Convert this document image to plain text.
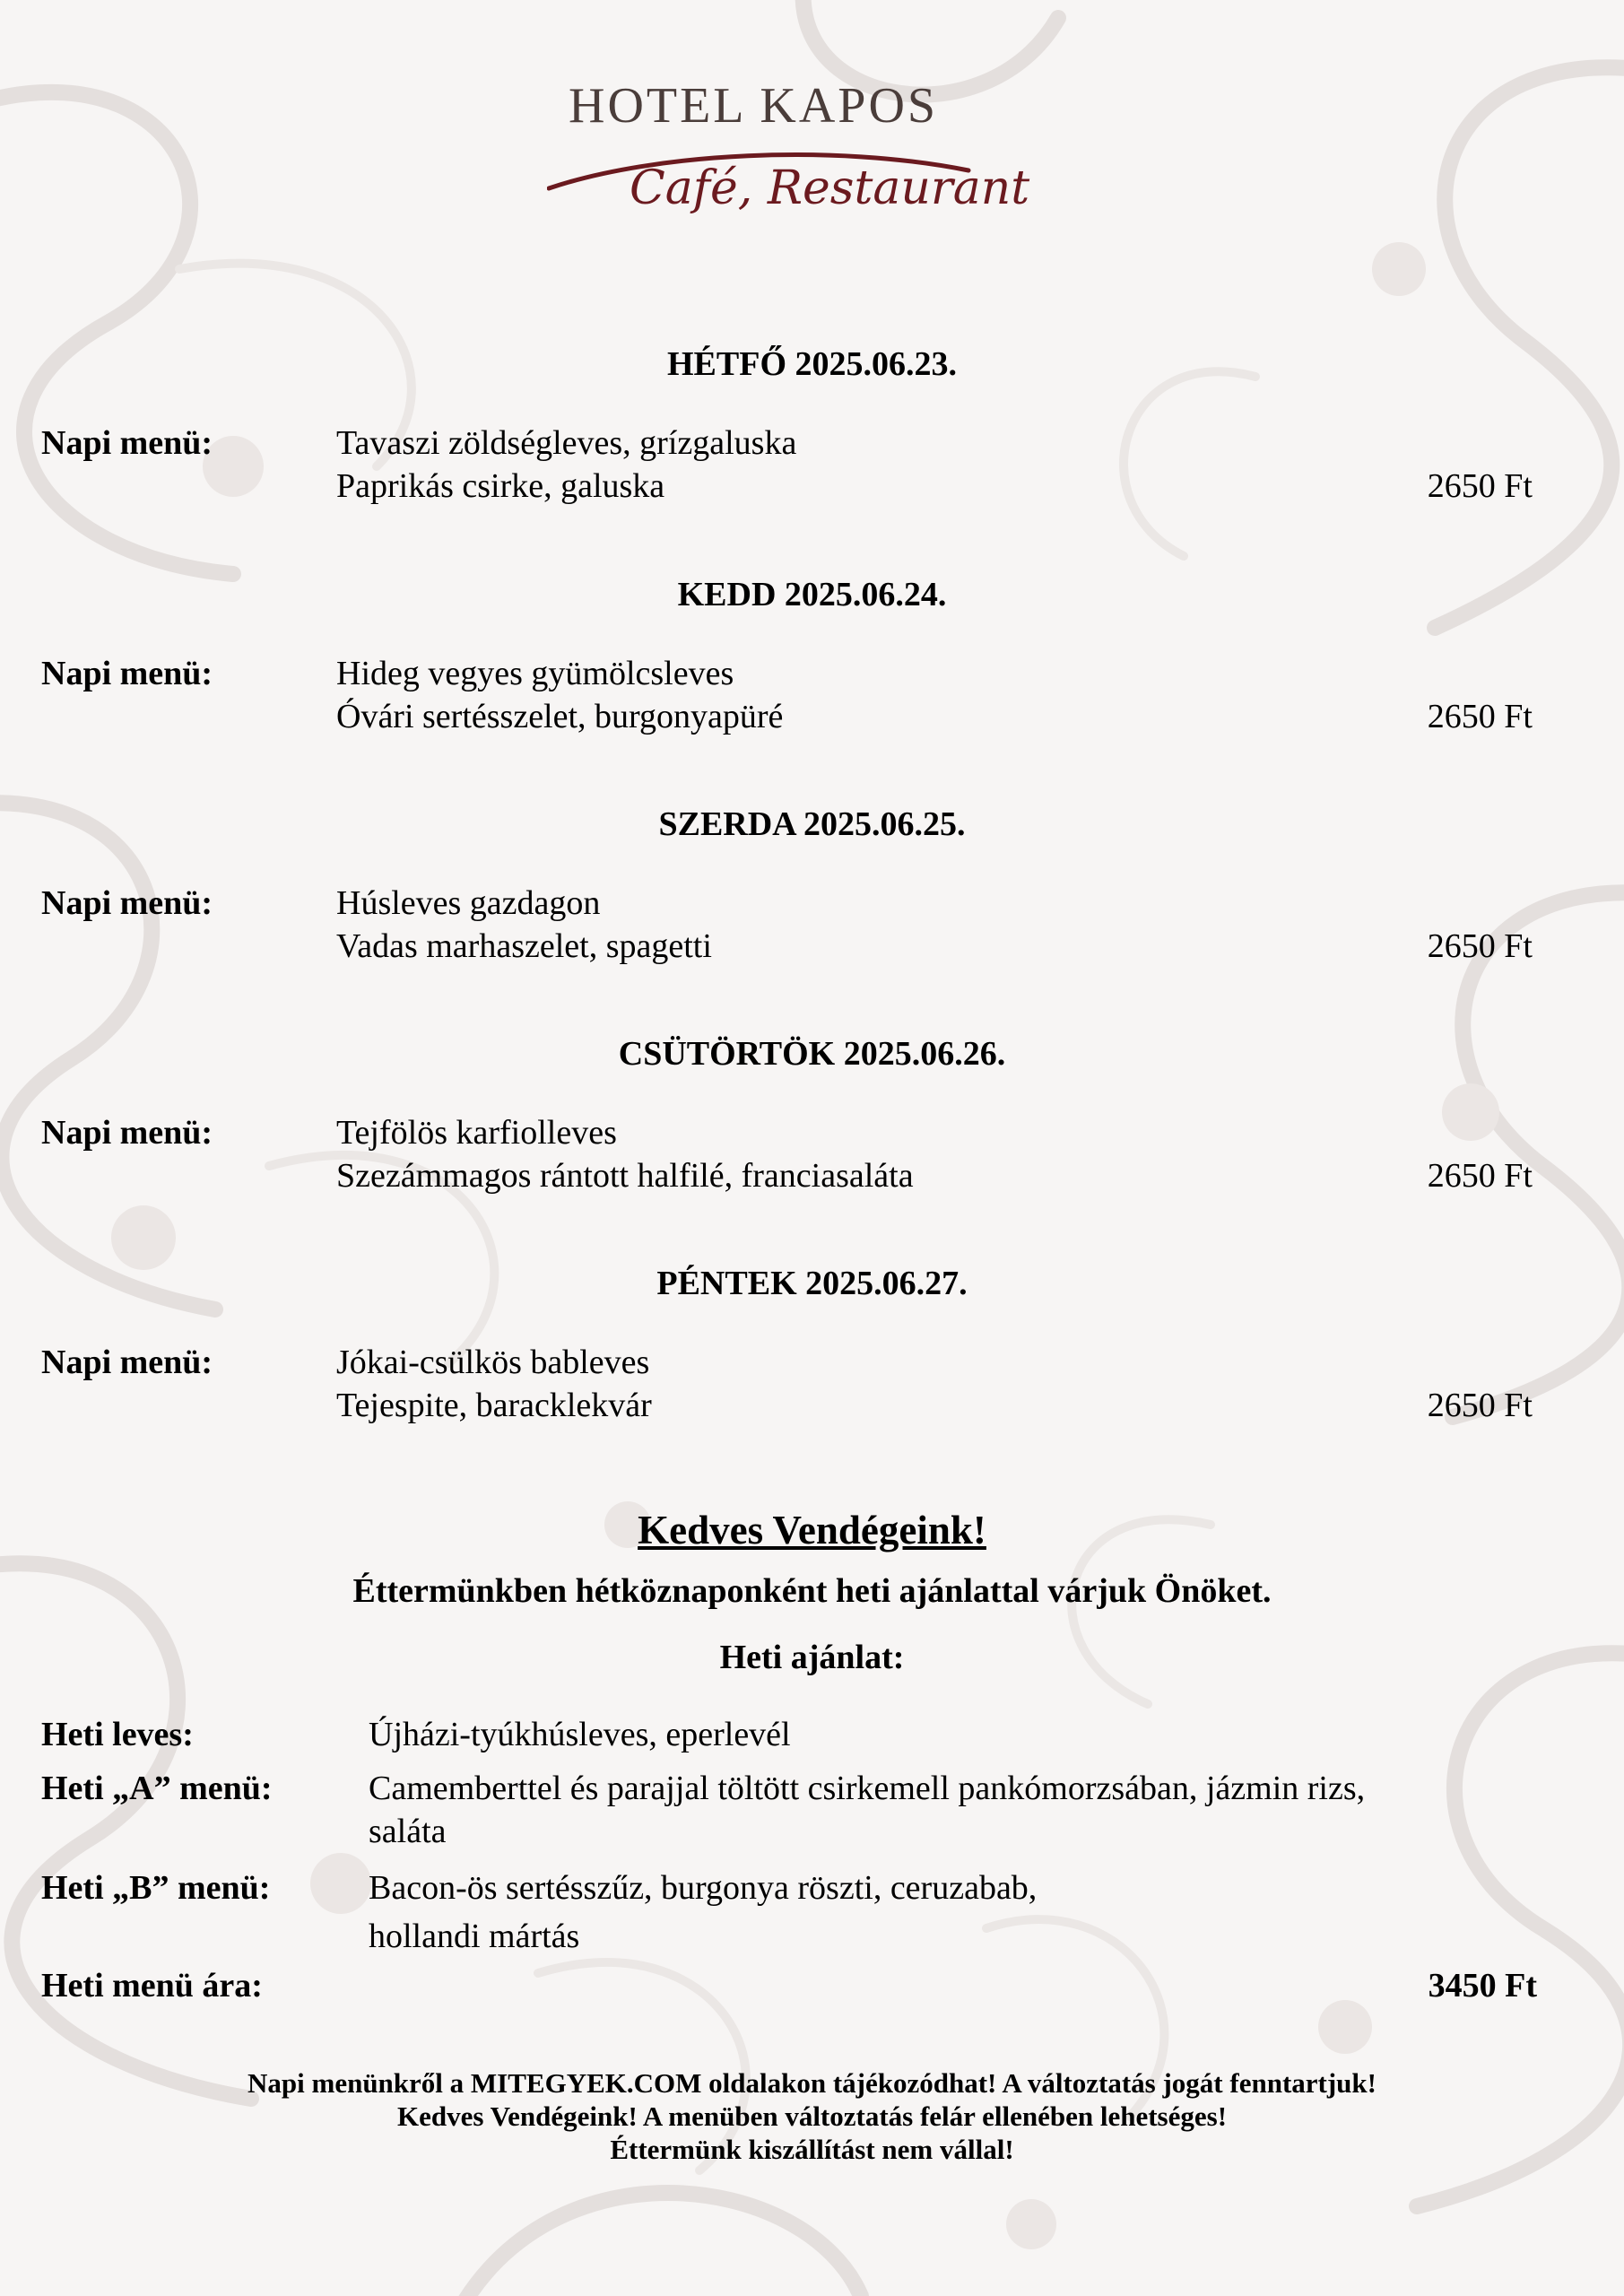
HOTEL KAPOS
Café, Restaurant
HÉTFŐ 2025.06.23.
Napi menü:	Tavaszi zöldségleves, grízgaluska
Paprikás csirke, galuska	2650 Ft
KEDD 2025.06.24.
Napi menü:	Hideg vegyes gyümölcsleves
Óvári sertésszelet, burgonyapüré	2650 Ft
SZERDA 2025.06.25.
Napi menü:	Húsleves gazdagon
Vadas marhaszelet, spagetti	2650 Ft
CSÜTÖRTÖK 2025.06.26.
Napi menü:	Tejfölös karfiolleves
Szezámmagos rántott halfilé, franciasaláta	2650 Ft
PÉNTEK 2025.06.27.
Napi menü:	Jókai-csülkös bableves
Tejespite, baracklekvár	2650 Ft
Kedves Vendégeink!
Éttermünkben hétköznaponként heti ajánlattal várjuk Önöket.
Heti ajánlat:
Heti leves:	Újházi-tyúkhúsleves, eperlevél
Heti „A” menü:	Camemberttel és parajjal töltött csirkemell pankómorzsában, jázmin rizs,
saláta
Heti „B” menü:	Bacon-ös sertésszűz, burgonya röszti, ceruzabab,
hollandi mártás
Heti menü ára:	3450 Ft
Napi menünkről a MITEGYEK.COM oldalakon tájékozódhat! A változtatás jogát fenntartjuk!
Kedves Vendégeink! A menüben változtatás felár ellenében lehetséges!
Éttermünk kiszállítást nem vállal!
